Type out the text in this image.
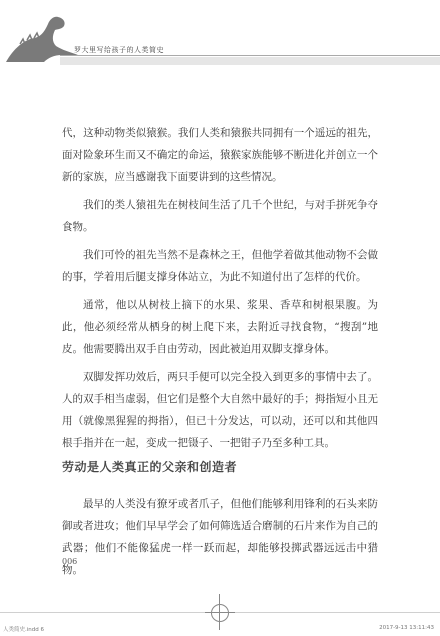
罗大里写给孩子的人类简史

代，这种动物类似猿猴。我们人类和猿猴共同拥有一个遥远的祖先，面对险象环生而又不确定的命运，猿猴家族能够不断进化并创立一个新的家族，应当感谢我下面要讲到的这些情况。

我们的类人猿祖先在树枝间生活了几千个世纪，与对手拼死争夺食物。

我们可怜的祖先当然不是森林之王，但他学着做其他动物不会做的事，学着用后腿支撑身体站立，为此不知道付出了怎样的代价。

通常，他以从树枝上摘下的水果、浆果、香草和树根果腹。为此，他必须经常从栖身的树上爬下来，去附近寻找食物，“搜刮”地皮。他需要腾出双手自由劳动，因此被迫用双脚支撑身体。

双脚发挥功效后，两只手便可以完全投入到更多的事情中去了。人的双手相当虚弱，但它们是整个大自然中最好的手；拇指短小且无用（就像黑猩猩的拇指），但已十分发达，可以动，还可以和其他四根手指并在一起，变成一把镊子、一把钳子乃至多种工具。

劳动是人类真正的父亲和创造者

最早的人类没有獠牙或者爪子，但他们能够利用锋利的石头来防御或者进攻；他们早早学会了如何筛选适合磨制的石片来作为自己的武器；他们不能像猛虎一样一跃而起，却能够投掷武器远远击中猎物。

006
人类简史.indd 6	2017-9-13 13:11:43
